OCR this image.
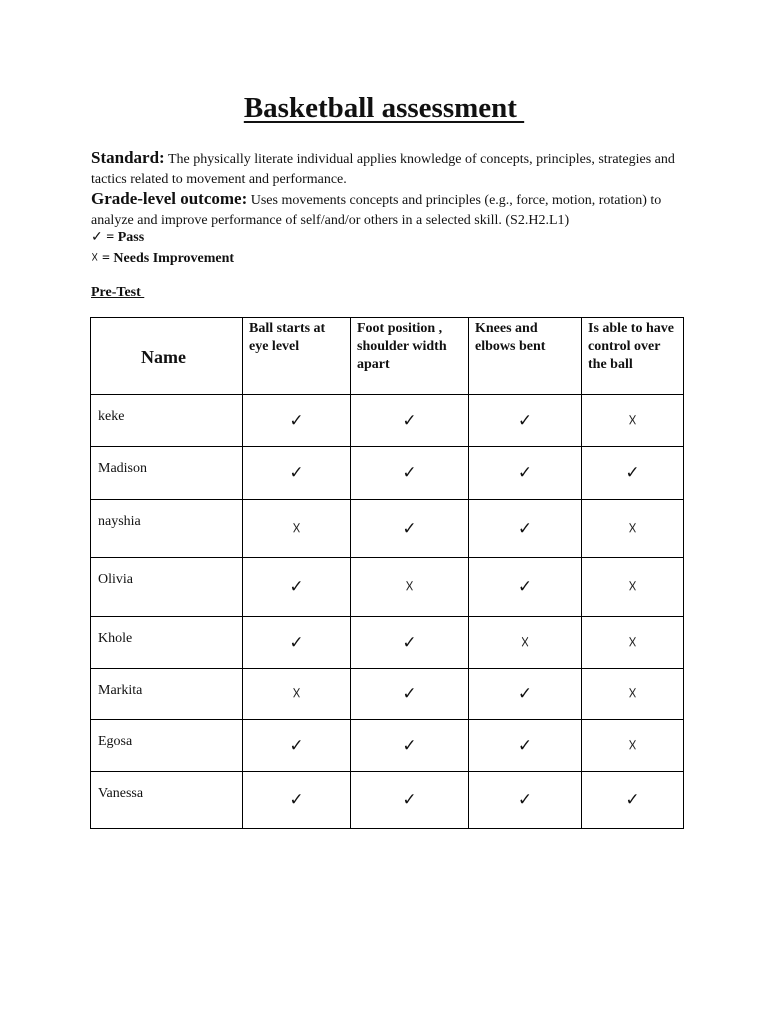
Basketball assessment
Standard: The physically literate individual applies knowledge of concepts, principles, strategies and tactics related to movement and performance.
Grade-level outcome: Uses movements concepts and principles (e.g., force, motion, rotation) to analyze and improve performance of self/and/or others in a selected skill. (S2.H2.L1)
✓ = Pass
☓ = Needs Improvement
Pre-Test
Name	Ball starts at eye level	Foot position , shoulder width apart	Knees and elbows bent	Is able to have control over the ball
keke	✓	✓	✓	☓
Madison	✓	✓	✓	✓
nayshia	☓	✓	✓	☓
Olivia	✓	☓	✓	☓
Khole	✓	✓	☓	☓
Markita	☓	✓	✓	☓
Egosa	✓	✓	✓	☓
Vanessa	✓	✓	✓	✓
